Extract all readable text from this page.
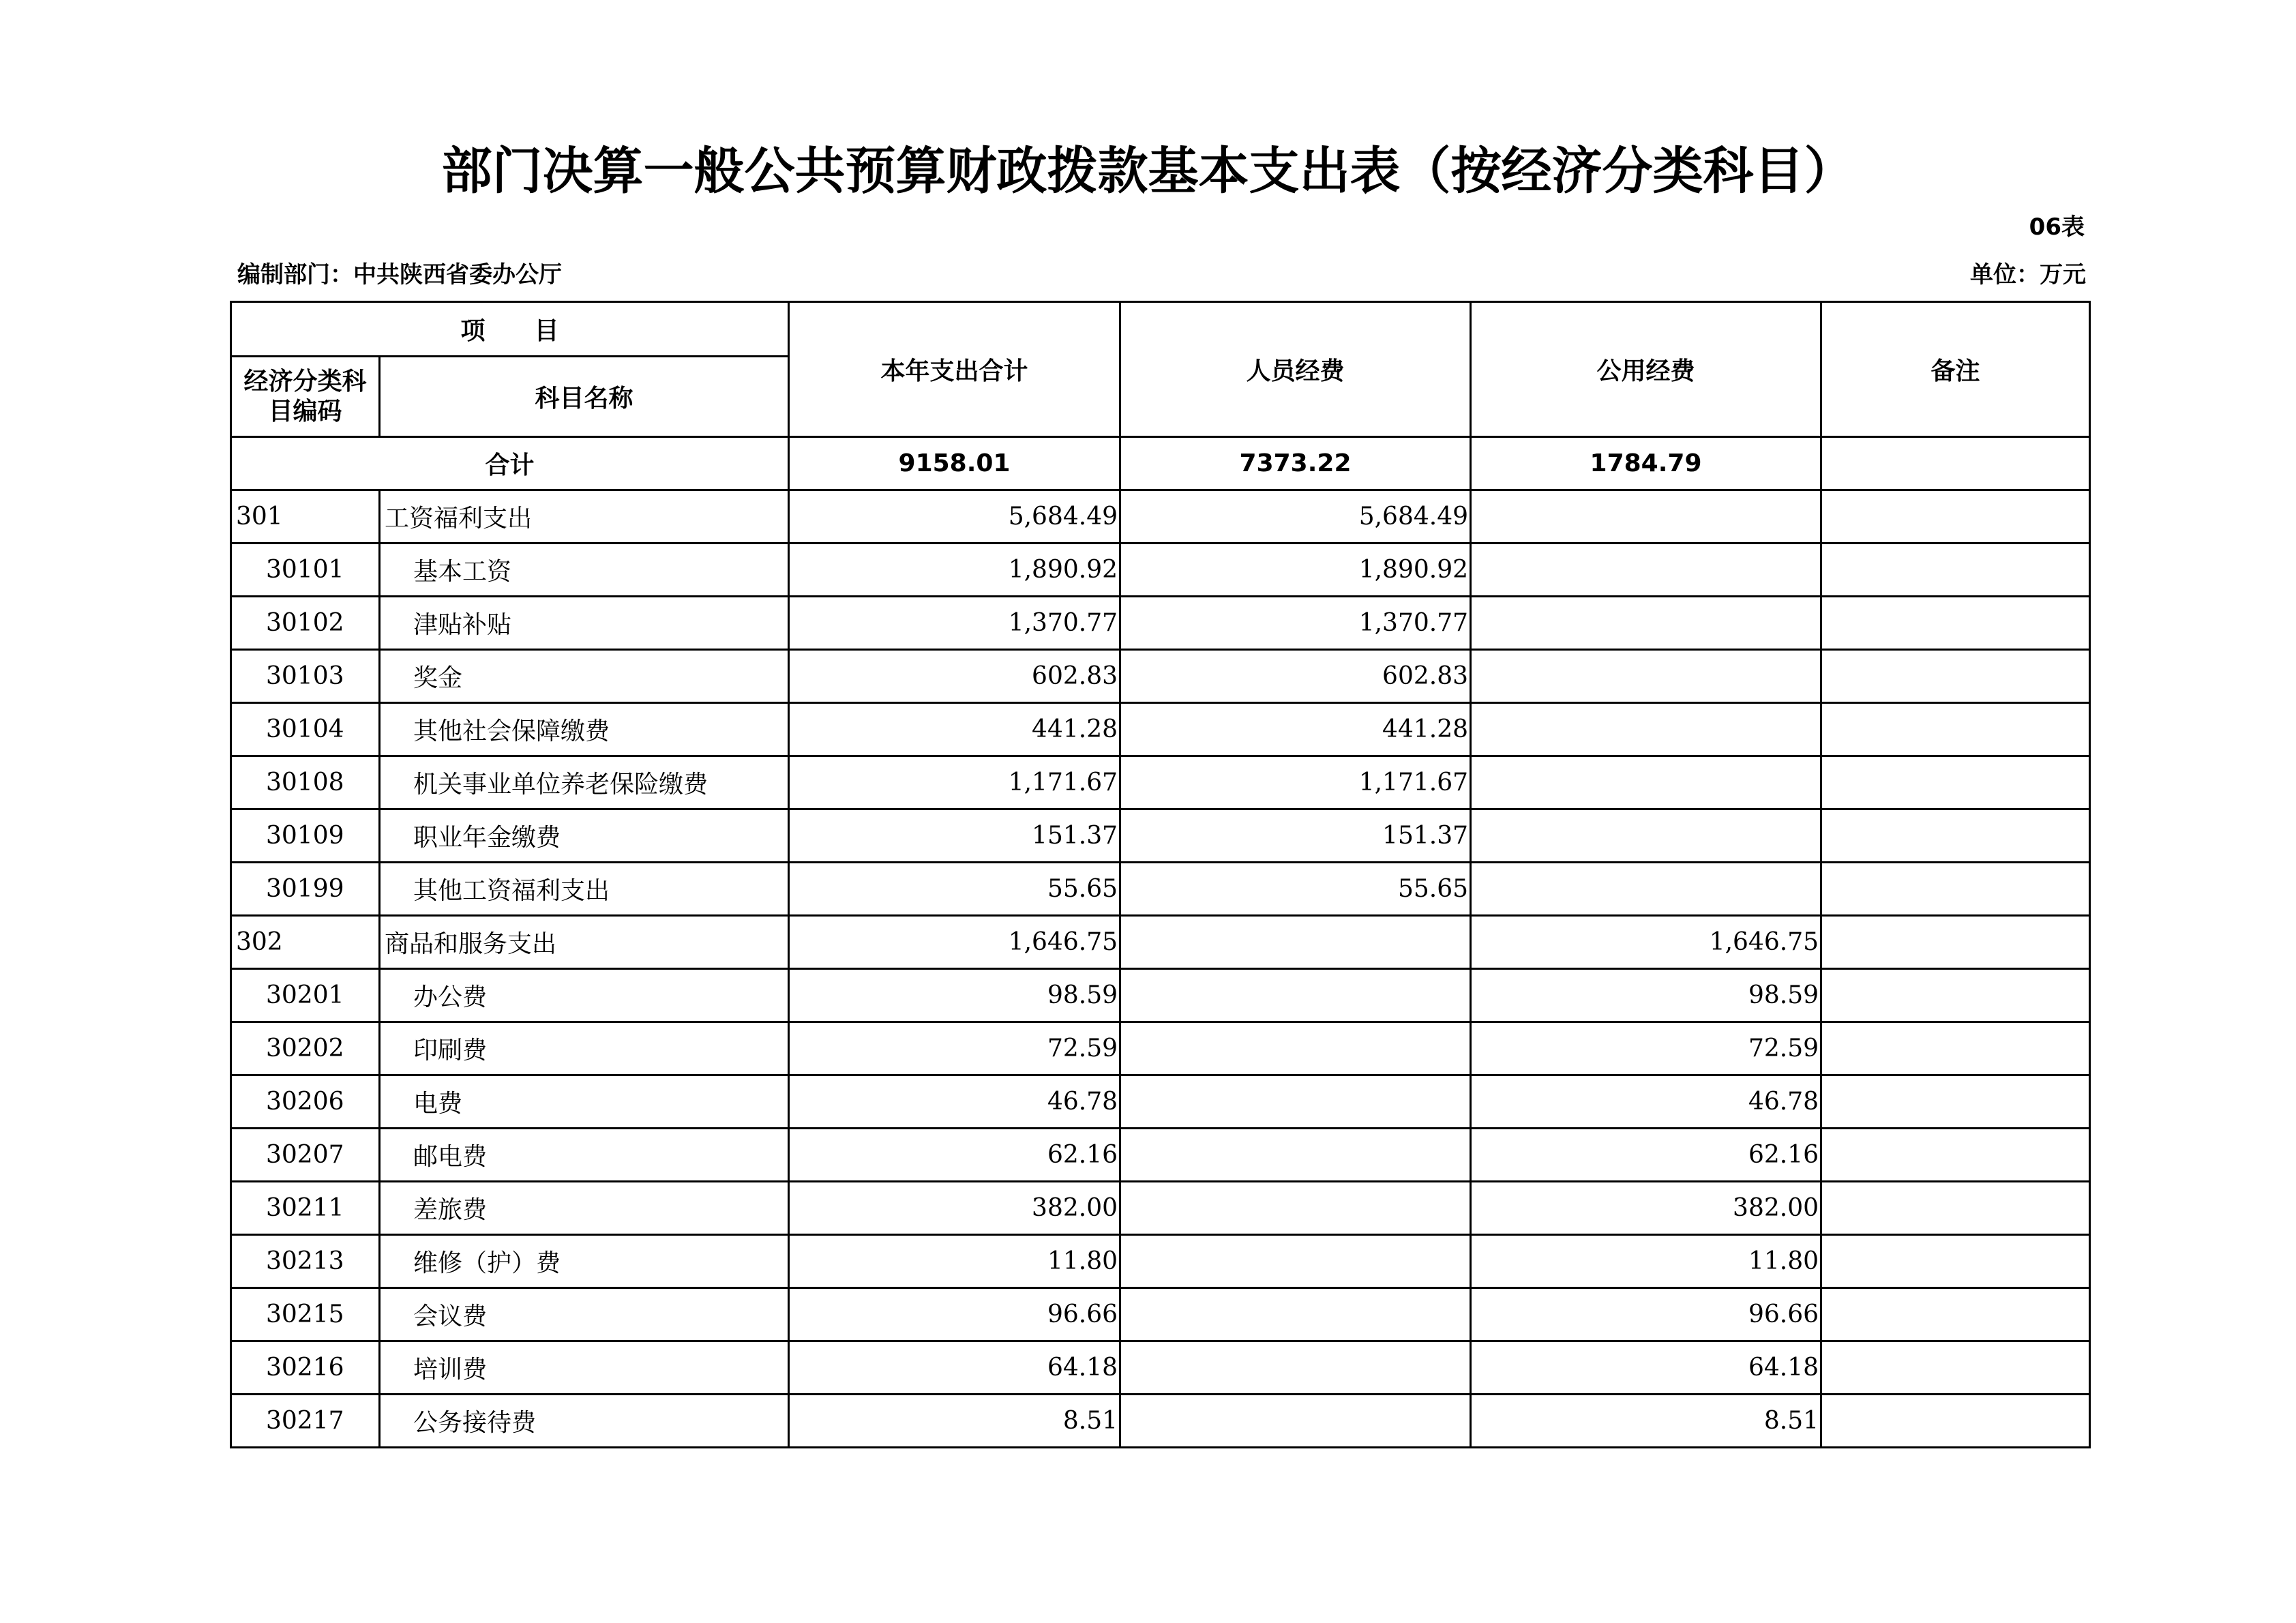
部门决算一般公共预算财政拨款基本支出表（按经济分类科目）
06表
编制部门：中共陕西省委办公厅	单位：万元
项　　目		本年支出合计	人员经费	公用经费	备注
经济分类科目编码	科目名称				
合计		9158.01	7373.22	1784.79	
301	工资福利支出	5,684.49	5,684.49		
30101	基本工资	1,890.92	1,890.92		
30102	津贴补贴	1,370.77	1,370.77		
30103	奖金	602.83	602.83		
30104	其他社会保障缴费	441.28	441.28		
30108	机关事业单位养老保险缴费	1,171.67	1,171.67		
30109	职业年金缴费	151.37	151.37		
30199	其他工资福利支出	55.65	55.65		
302	商品和服务支出	1,646.75		1,646.75	
30201	办公费	98.59		98.59	
30202	印刷费	72.59		72.59	
30206	电费	46.78		46.78	
30207	邮电费	62.16		62.16	
30211	差旅费	382.00		382.00	
30213	维修（护）费	11.80		11.80	
30215	会议费	96.66		96.66	
30216	培训费	64.18		64.18	
30217	公务接待费	8.51		8.51	
